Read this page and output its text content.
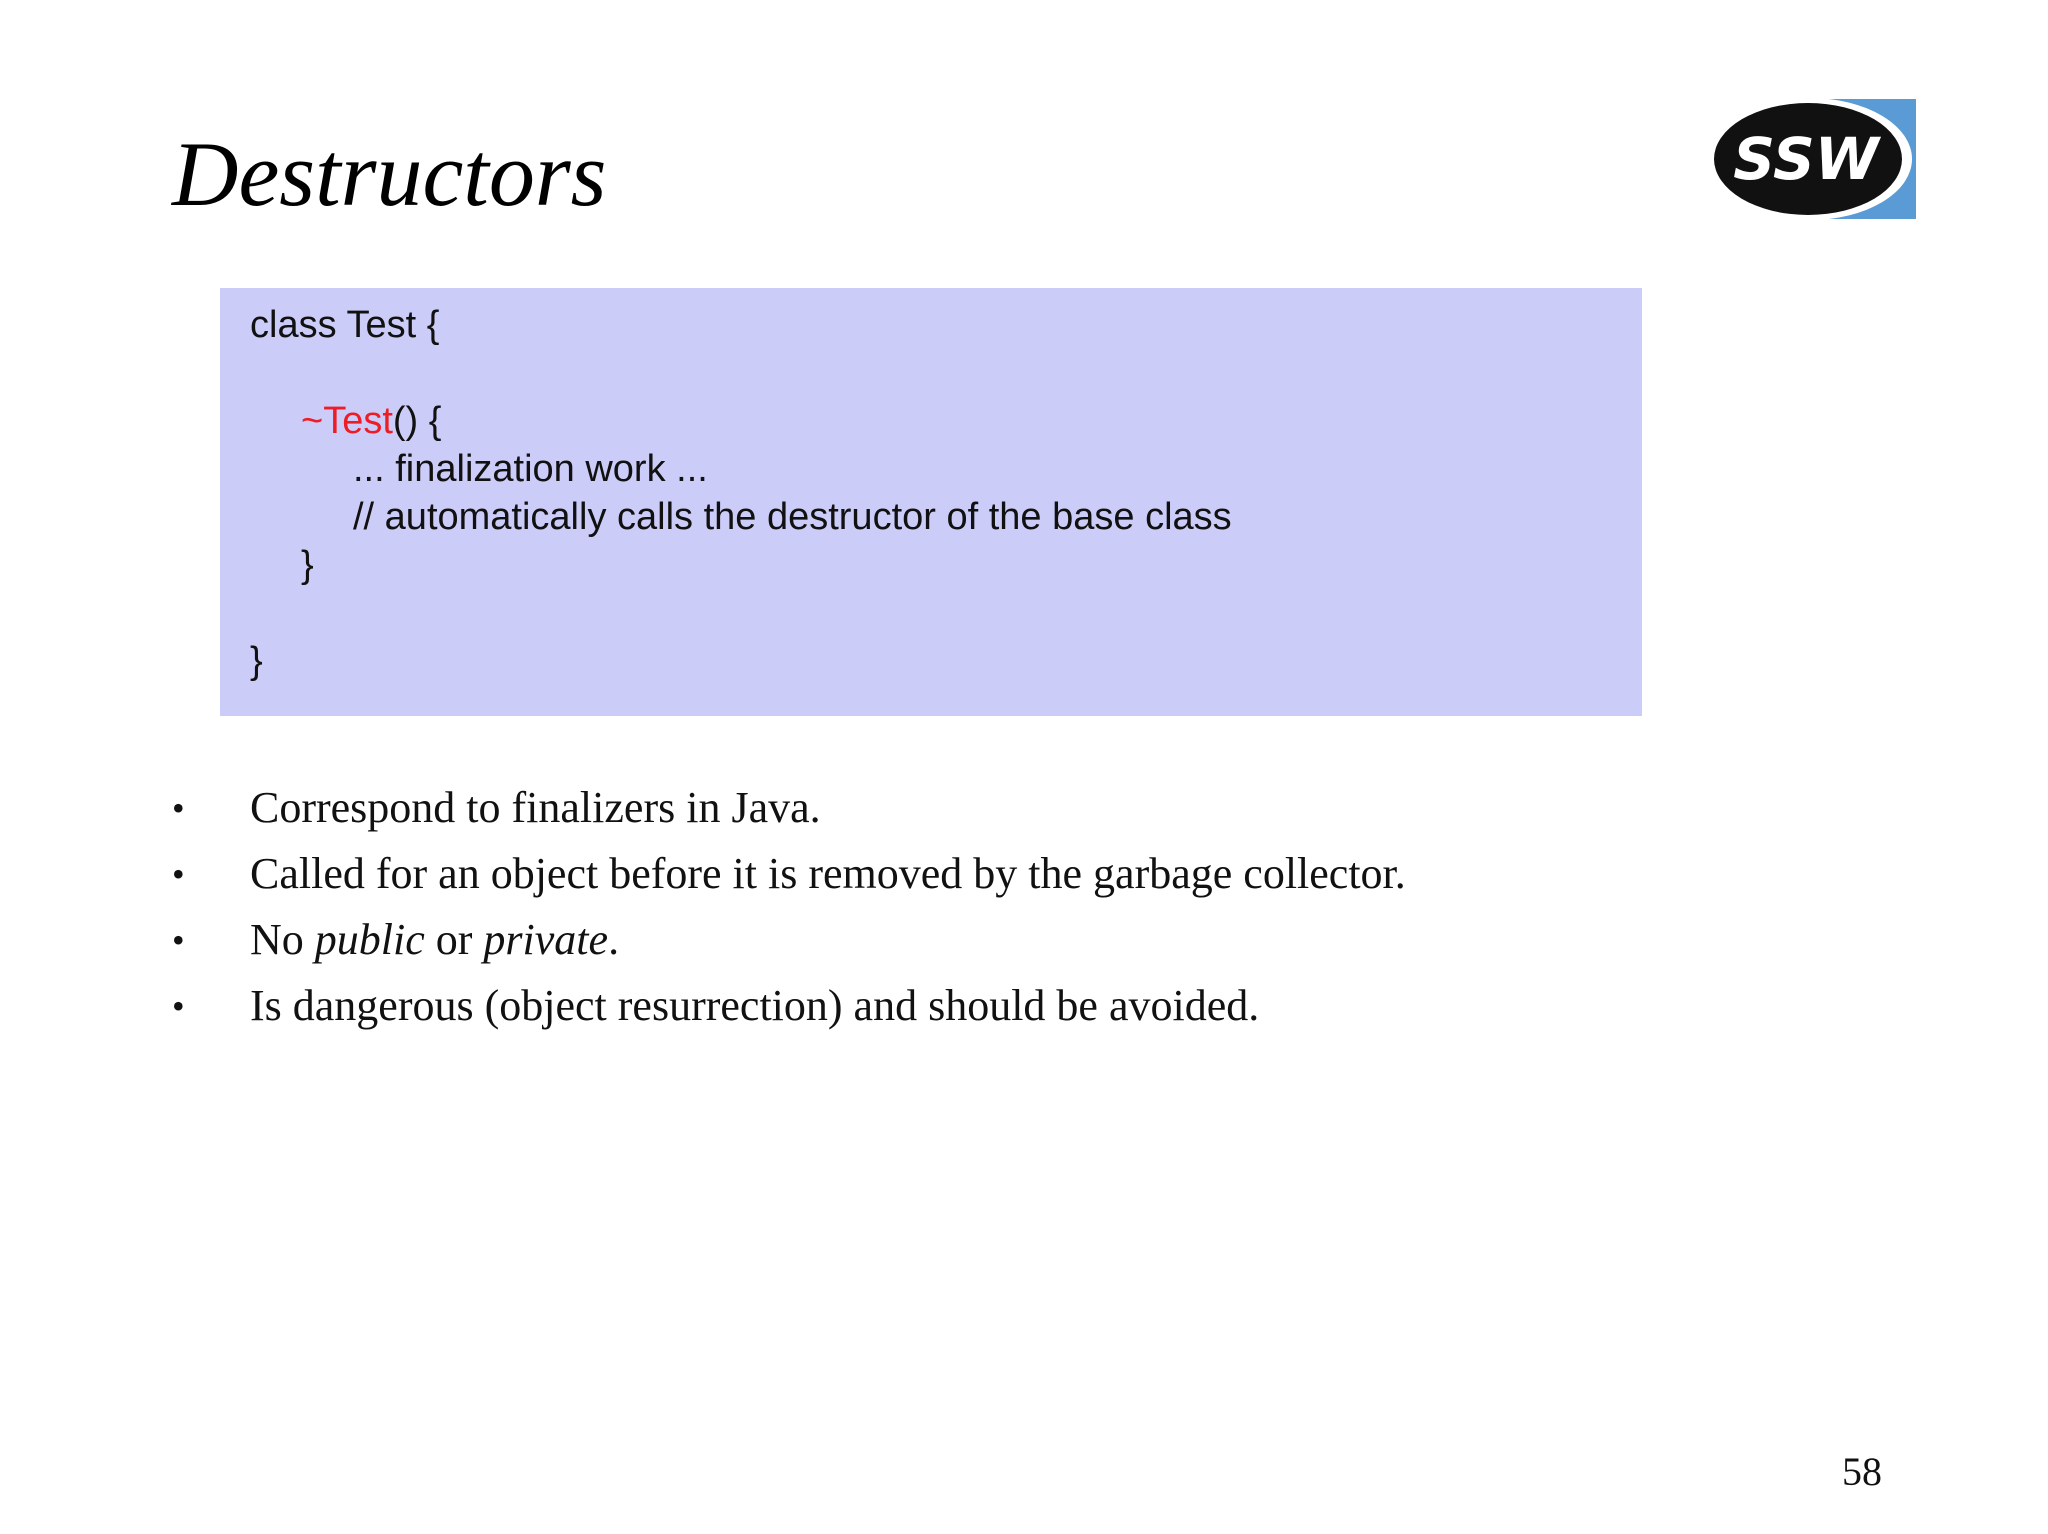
Destructors	SSW
class Test {
~Test() {
... finalization work ...
// automatically calls the destructor of the base class
}
}
• Correspond to finalizers in Java.
• Called for an object before it is removed by the garbage collector.
• No public or private.
• Is dangerous (object resurrection) and should be avoided.
58
